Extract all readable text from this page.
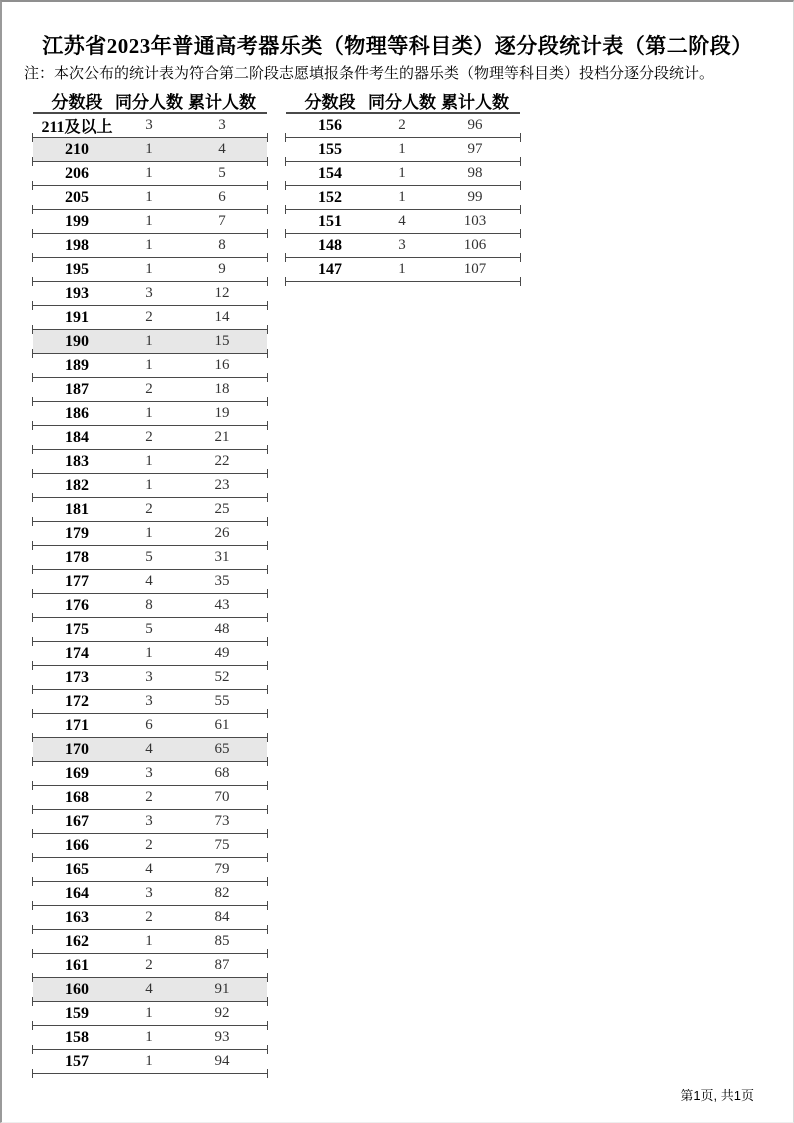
江苏省2023年普通高考器乐类（物理等科目类）逐分段统计表（第二阶段）
注：本次公布的统计表为符合第二阶段志愿填报条件考生的器乐类（物理等科目类）投档分逐分段统计。
分数段 同分人数 累计人数
211及以上	3	3
210	1	4
206	1	5
205	1	6
199	1	7
198	1	8
195	1	9
193	3	12
191	2	14
190	1	15
189	1	16
187	2	18
186	1	19
184	2	21
183	1	22
182	1	23
181	2	25
179	1	26
178	5	31
177	4	35
176	8	43
175	5	48
174	1	49
173	3	52
172	3	55
171	6	61
170	4	65
169	3	68
168	2	70
167	3	73
166	2	75
165	4	79
164	3	82
163	2	84
162	1	85
161	2	87
160	4	91
159	1	92
158	1	93
157	1	94
分数段 同分人数 累计人数
156	2	96
155	1	97
154	1	98
152	1	99
151	4	103
148	3	106
147	1	107
第1页, 共1页
